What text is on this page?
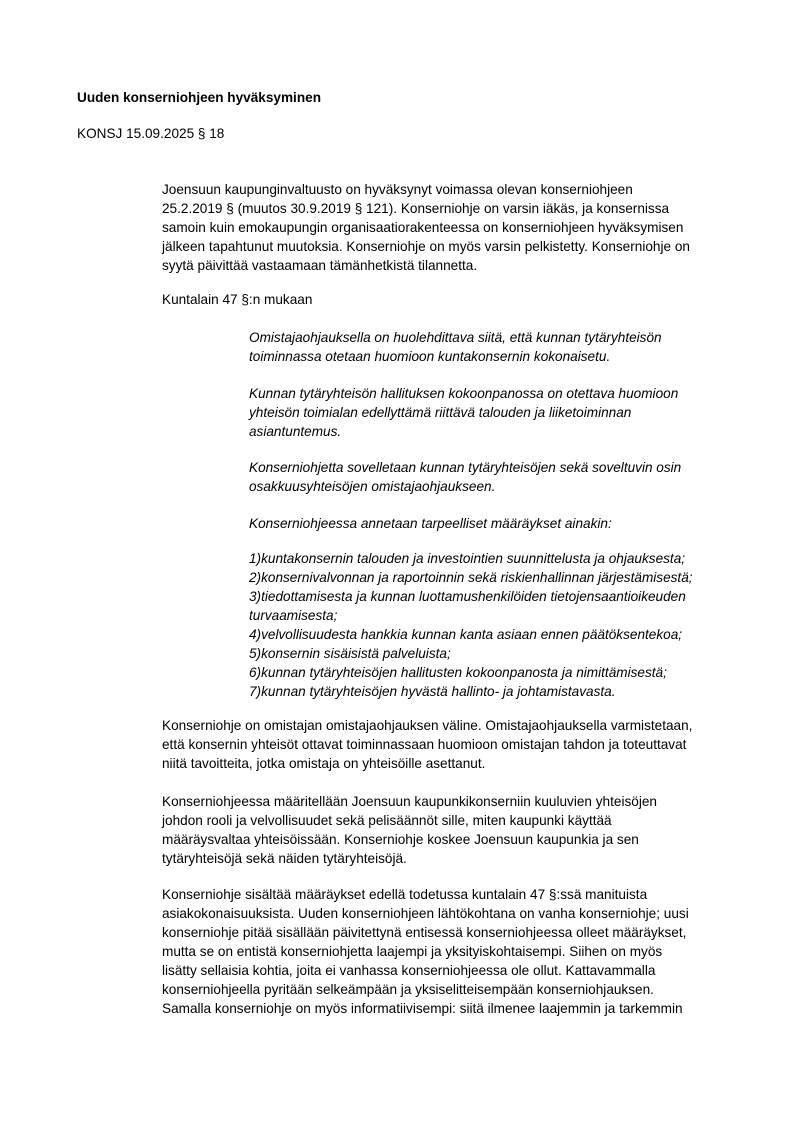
Uuden konserniohjeen hyväksyminen
KONSJ 15.09.2025 § 18
Joensuun kaupunginvaltuusto on hyväksynyt voimassa olevan konserniohjeen
25.2.2019 § (muutos 30.9.2019 § 121). Konserniohje on varsin iäkäs, ja konsernissa
samoin kuin emokaupungin organisaatiorakenteessa on konserniohjeen hyväksymisen
jälkeen tapahtunut muutoksia. Konserniohje on myös varsin pelkistetty. Konserniohje on
syytä päivittää vastaamaan tämänhetkistä tilannetta.
Kuntalain 47 §:n mukaan
Omistajaohjauksella on huolehdittava siitä, että kunnan tytäryhteisön
toiminnassa otetaan huomioon kuntakonsernin kokonaisetu.
Kunnan tytäryhteisön hallituksen kokoonpanossa on otettava huomioon
yhteisön toimialan edellyttämä riittävä talouden ja liiketoiminnan
asiantuntemus.
Konserniohjetta sovelletaan kunnan tytäryhteisöjen sekä soveltuvin osin
osakkuusyhteisöjen omistajaohjaukseen.
Konserniohjeessa annetaan tarpeelliset määräykset ainakin:
1)kuntakonsernin talouden ja investointien suunnittelusta ja ohjauksesta;
2)konsernivalvonnan ja raportoinnin sekä riskienhallinnan järjestämisestä;
3)tiedottamisesta ja kunnan luottamushenkilöiden tietojensaantioikeuden
turvaamisesta;
4)velvollisuudesta hankkia kunnan kanta asiaan ennen päätöksentekoa;
5)konsernin sisäisistä palveluista;
6)kunnan tytäryhteisöjen hallitusten kokoonpanosta ja nimittämisestä;
7)kunnan tytäryhteisöjen hyvästä hallinto- ja johtamistavasta.
Konserniohje on omistajan omistajaohjauksen väline. Omistajaohjauksella varmistetaan,
että konsernin yhteisöt ottavat toiminnassaan huomioon omistajan tahdon ja toteuttavat
niitä tavoitteita, jotka omistaja on yhteisöille asettanut.
Konserniohjeessa määritellään Joensuun kaupunkikonserniin kuuluvien yhteisöjen
johdon rooli ja velvollisuudet sekä pelisäännöt sille, miten kaupunki käyttää
määräysvaltaa yhteisöissään. Konserniohje koskee Joensuun kaupunkia ja sen
tytäryhteisöjä sekä näiden tytäryhteisöjä.
Konserniohje sisältää määräykset edellä todetussa kuntalain 47 §:ssä manituista
asiakokonaisuuksista. Uuden konserniohjeen lähtökohtana on vanha konserniohje; uusi
konserniohje pitää sisällään päivitettynä entisessä konserniohjeessa olleet määräykset,
mutta se on entistä konserniohjetta laajempi ja yksityiskohtaisempi. Siihen on myös
lisätty sellaisia kohtia, joita ei vanhassa konserniohjeessa ole ollut. Kattavammalla
konserniohjeella pyritään selkeämpään ja yksiselitteisempään konserniohjauksen.
Samalla konserniohje on myös informatiivisempi: siitä ilmenee laajemmin ja tarkemmin
